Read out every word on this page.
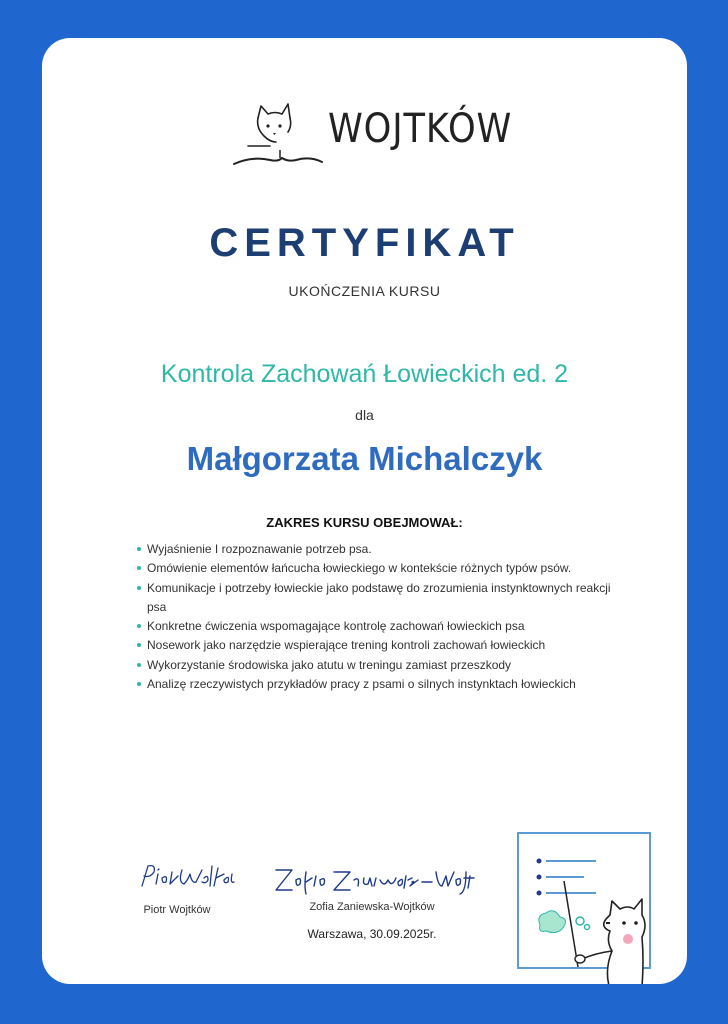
WOJTKÓW
CERTYFIKAT
UKOŃCZENIA KURSU
Kontrola Zachowań Łowieckich ed. 2
dla
Małgorzata Michalczyk
ZAKRES KURSU OBEJMOWAŁ:
Wyjaśnienie I rozpoznawanie potrzeb psa.
Omówienie elementów łańcucha łowieckiego w kontekście różnych typów psów.
Komunikacje i potrzeby łowieckie jako podstawę do zrozumienia instynktownych reakcji psa
Konkretne ćwiczenia wspomagające kontrolę zachowań łowieckich psa
Nosework jako narzędzie wspierające trening kontroli zachowań łowieckich
Wykorzystanie środowiska jako atutu w treningu zamiast przeszkody
Analizę rzeczywistych przykładów pracy z psami o silnych instynktach łowieckich
Piotr Wojtków	Zofia Zaniewska-Wojtków
Warszawa, 30.09.2025r.
